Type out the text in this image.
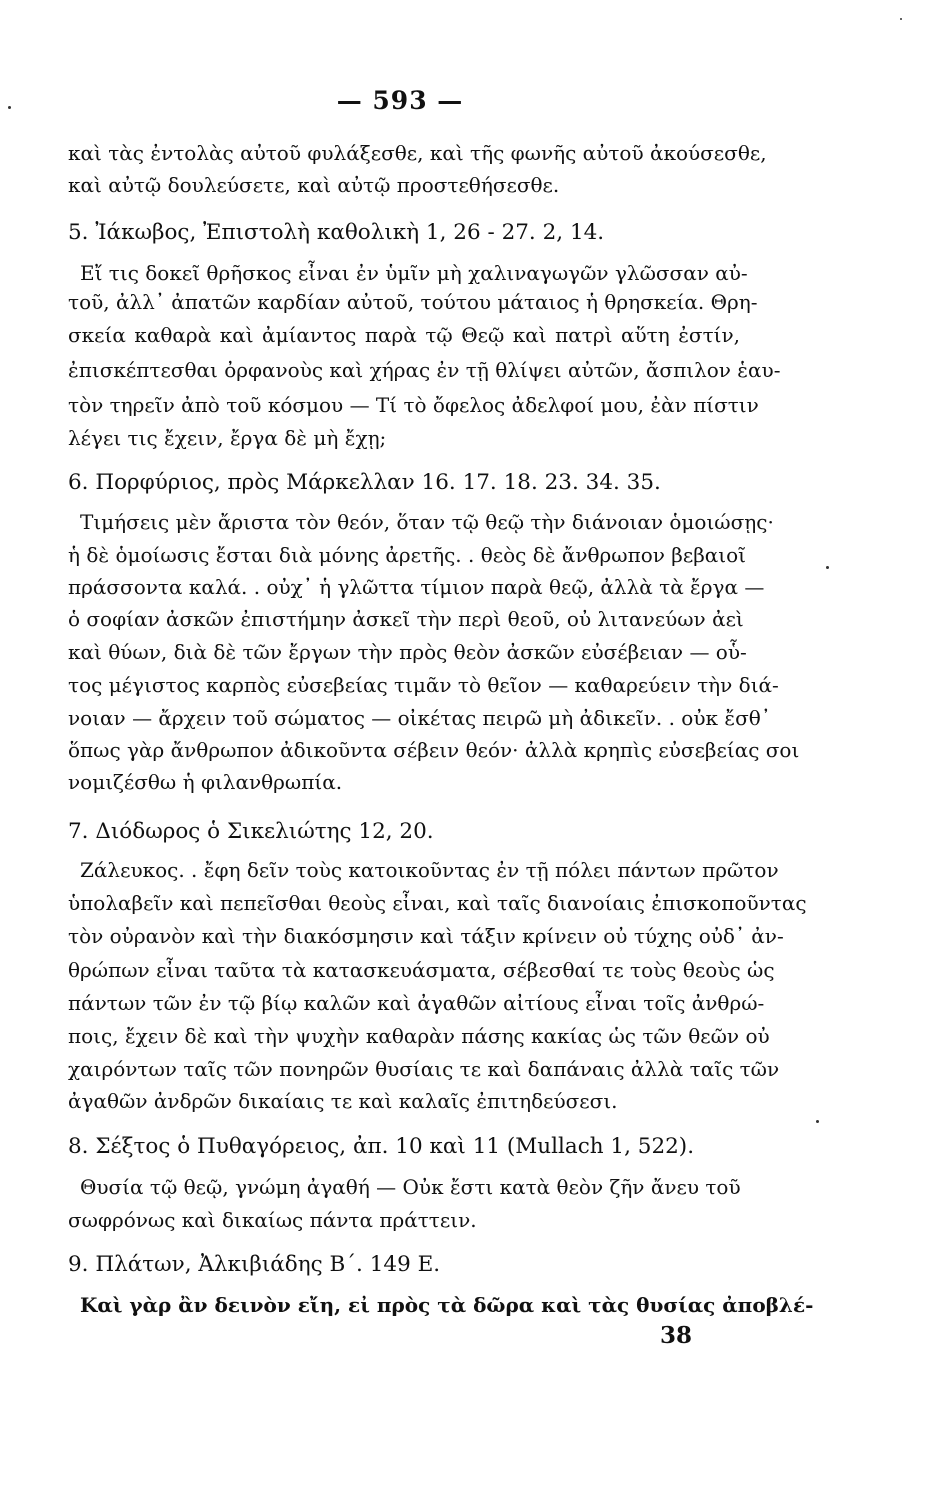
— 593 —
καὶ τὰς ἐντολὰς αὐτοῦ φυλάξεσθε, καὶ τῆς φωνῆς αὐτοῦ ἀκούσεσθε,
καὶ αὐτῷ δουλεύσετε, καὶ αὐτῷ προστεθήσεσθε.
5. Ἰάκωβος, Ἐπιστολὴ καθολικὴ 1, 26 - 27. 2, 14.
Εἴ τις δοκεῖ θρῆσκος εἶναι ἐν ὑμῖν μὴ χαλιναγωγῶν γλῶσσαν αὐ-
τοῦ, ἀλλ᾽ ἀπατῶν καρδίαν αὐτοῦ, τούτου μάταιος ἡ θρησκεία. Θρη-
σκεία καθαρὰ καὶ ἀμίαντος παρὰ τῷ Θεῷ καὶ πατρὶ αὕτη ἐστίν,
ἐπισκέπτεσθαι ὀρφανοὺς καὶ χήρας ἐν τῇ θλίψει αὐτῶν, ἄσπιλον ἑαυ-
τὸν τηρεῖν ἀπὸ τοῦ κόσμου — Τί τὸ ὄφελος ἀδελφοί μου, ἐὰν πίστιν
λέγει τις ἔχειν, ἔργα δὲ μὴ ἔχῃ;
6. Πορφύριος, πρὸς Μάρκελλαν 16. 17. 18. 23. 34. 35.
Τιμήσεις μὲν ἄριστα τὸν θεόν, ὅταν τῷ θεῷ τὴν διάνοιαν ὁμοιώσῃς·
ἡ δὲ ὁμοίωσις ἔσται διὰ μόνης ἀρετῆς. . θεὸς δὲ ἄνθρωπον βεβαιοῖ
πράσσοντα καλά. . οὐχ᾽ ἡ γλῶττα τίμιον παρὰ θεῷ, ἀλλὰ τὰ ἔργα —
ὁ σοφίαν ἀσκῶν ἐπιστήμην ἀσκεῖ τὴν περὶ θεοῦ, οὐ λιτανεύων ἀεὶ
καὶ θύων, διὰ δὲ τῶν ἔργων τὴν πρὸς θεὸν ἀσκῶν εὐσέβειαν — οὗ-
τος μέγιστος καρπὸς εὐσεβείας τιμᾶν τὸ θεῖον — καθαρεύειν τὴν διά-
νοιαν — ἄρχειν τοῦ σώματος — οἰκέτας πειρῶ μὴ ἀδικεῖν. . οὐκ ἔσθ᾽
ὅπως γὰρ ἄνθρωπον ἀδικοῦντα σέβειν θεόν· ἀλλὰ κρηπὶς εὐσεβείας σοι
νομιζέσθω ἡ φιλανθρωπία.
7. Διόδωρος ὁ Σικελιώτης 12, 20.
Ζάλευκος. . ἔφη δεῖν τοὺς κατοικοῦντας ἐν τῇ πόλει πάντων πρῶτον
ὑπολαβεῖν καὶ πεπεῖσθαι θεοὺς εἶναι, καὶ ταῖς διανοίαις ἐπισκοποῦντας
τὸν οὐρανὸν καὶ τὴν διακόσμησιν καὶ τάξιν κρίνειν οὐ τύχης οὐδ᾽ ἀν-
θρώπων εἶναι ταῦτα τὰ κατασκευάσματα, σέβεσθαί τε τοὺς θεοὺς ὡς
πάντων τῶν ἐν τῷ βίῳ καλῶν καὶ ἀγαθῶν αἰτίους εἶναι τοῖς ἀνθρώ-
ποις, ἔχειν δὲ καὶ τὴν ψυχὴν καθαρὰν πάσης κακίας ὡς τῶν θεῶν οὐ
χαιρόντων ταῖς τῶν πονηρῶν θυσίαις τε καὶ δαπάναις ἀλλὰ ταῖς τῶν
ἀγαθῶν ἀνδρῶν δικαίαις τε καὶ καλαῖς ἐπιτηδεύσεσι.
8. Σέξτος ὁ Πυθαγόρειος, ἀπ. 10 καὶ 11 (Mullach 1, 522).
Θυσία τῷ θεῷ, γνώμη ἀγαθή — Οὐκ ἔστι κατὰ θεὸν ζῆν ἄνευ τοῦ
σωφρόνως καὶ δικαίως πάντα πράττειν.
9. Πλάτων, Ἀλκιβιάδης Β΄. 149 Ε.
Καὶ γὰρ ἂν δεινὸν εἴη, εἰ πρὸς τὰ δῶρα καὶ τὰς θυσίας ἀποβλέ-
38
